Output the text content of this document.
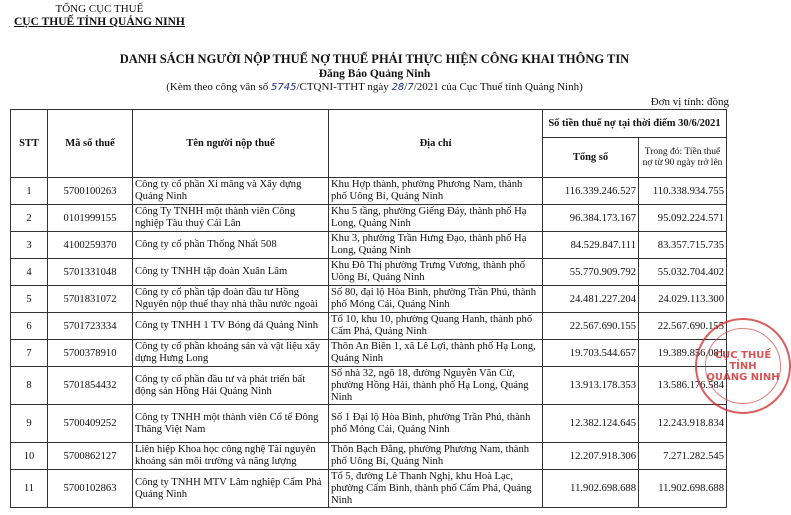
TỔNG CỤC THUẾ
CỤC THUẾ TỈNH QUẢNG NINH
DANH SÁCH NGƯỜI NỘP THUẾ NỢ THUẾ PHẢI THỰC HIỆN CÔNG KHAI THÔNG TIN
Đăng Báo Quảng Ninh
(Kèm theo công văn số 5745/CTQNI-TTHT ngày 28/7/2021 của Cục Thuế tỉnh Quảng Ninh)
Đơn vị tính: đồng
STT	Mã số thuế	Tên người nộp thuế	Địa chỉ	Số tiền thuế nợ tại thời điểm 30/6/2021	
				Tổng số	Trong đó: Tiền thuế nợ từ 90 ngày trở lên
1	5700100263	Công ty cổ phần Xi măng và Xây dựng Quảng Ninh	Khu Hợp thành, phường Phương Nam, thành phố Uông Bí, Quảng Ninh	116.339.246.527	110.338.934.755
2	0101999155	Công Ty TNHH một thành viên Công nghiệp Tàu thuỷ Cái Lân	Khu 5 tầng, phường Giếng Đáy, thành phố Hạ Long, Quảng Ninh	96.384.173.167	95.092.224.571
3	4100259370	Công ty cổ phần Thống Nhất 508	Khu 3, phường Trần Hưng Đạo, thành phố Hạ Long, Quảng Ninh	84.529.847.111	83.357.715.735
4	5701331048	Công ty TNHH tập đoàn Xuân Lâm	Khu Đô Thị phường Trưng Vương, thành phố Uông Bí, Quảng Ninh	55.770.909.792	55.032.704.402
5	5701831072	Công ty cổ phần tập đoàn đầu tư Hồng Nguyên nộp thuế thay nhà thầu nước ngoài	Số 80, đại lộ Hòa Bình, phường Trần Phú, thành phố Móng Cái, Quảng Ninh	24.481.227.204	24.029.113.300
6	5701723334	Công ty TNHH 1 TV Bóng đá Quảng Ninh	Tổ 10, khu 10, phường Quang Hanh, thành phố Cẩm Phả, Quảng Ninh	22.567.690.155	22.567.690.155
7	5700378910	Công ty cổ phần khoáng sản và vật liệu xây dựng Hưng Long	Thôn An Biên 1, xã Lê Lợi, thành phố Hạ Long, Quảng Ninh	19.703.544.657	19.389.856.081
8	5701854432	Công ty cổ phần đầu tư và phát triển bất động sản Hồng Hải Quảng Ninh	Số nhà 32, ngõ 18, đường Nguyễn Văn Cừ, phường Hồng Hải, thành phố Hạ Long, Quảng Ninh	13.913.178.353	13.586.176.584
9	5700409252	Công ty TNHH một thành viên Cổ tế Đông Thăng Việt Nam	Số 1 Đại lộ Hòa Bình, phường Trần Phú, thành phố Móng Cái, Quảng Ninh	12.382.124.645	12.243.918.834
10	5700862127	Liên hiệp Khoa học công nghệ Tài nguyên khoáng sản môi trường và năng lượng	Thôn Bạch Đằng, phường Phương Nam, thành phố Uông Bí, Quảng Ninh	12.207.918.306	7.271.282.545
11	5700102863	Công ty TNHH MTV Lâm nghiệp Cẩm Phả Quảng Ninh	Tổ 5, đường Lê Thanh Nghị, khu Hoà Lạc, phường Cẩm Bình, thành phố Cẩm Phả, Quảng Ninh	11.902.698.688	11.902.698.688
CỤC THUẾ
TỈNH
QUẢNG NINH
